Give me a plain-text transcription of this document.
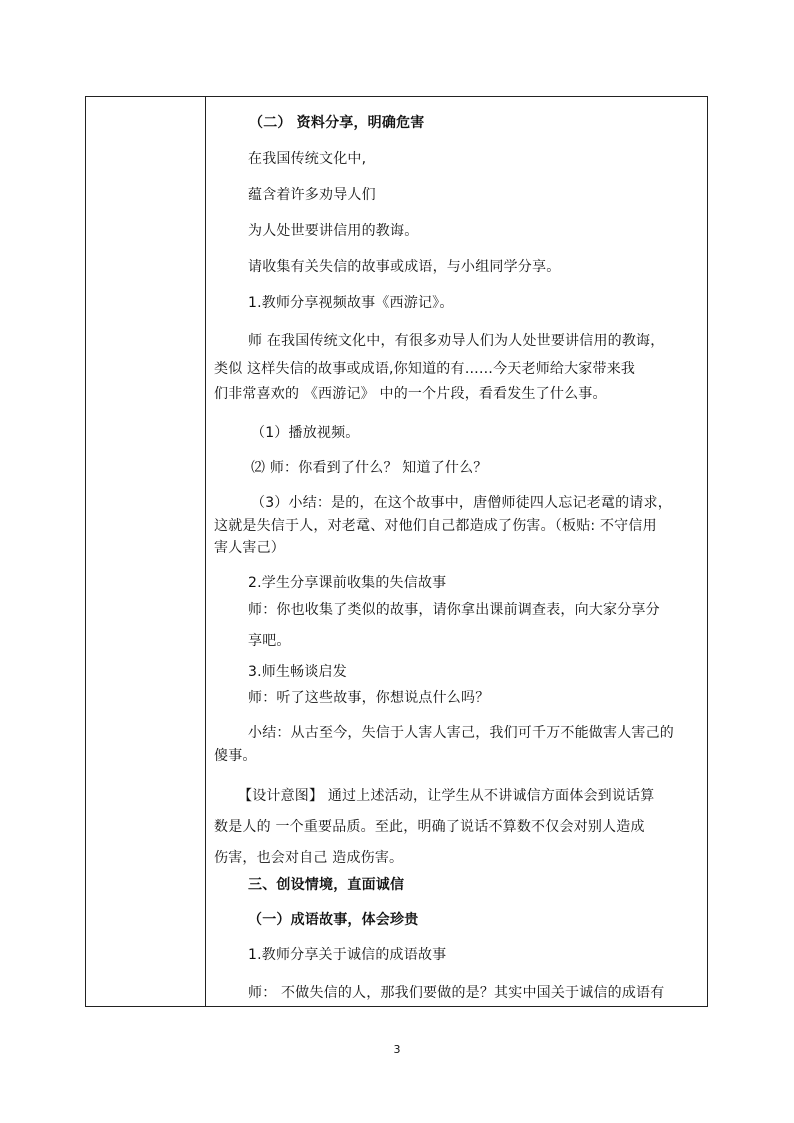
（二） 资料分享，明确危害
在我国传统文化中,
蕴含着许多劝导人们
为人处世要讲信用的教诲。
请收集有关失信的故事或成语，与小组同学分享。
1.教师分享视频故事《西游记》。
师 在我国传统文化中，有很多劝导人们为人处世要讲信用的教诲，
类似 这样失信的故事或成语,你知道的有……今天老师给大家带来我
们非常喜欢的 《西游记》 中的一个片段，看看发生了什么事。
（1）播放视频。
⑵ 师：你看到了什么？ 知道了什么？
（3）小结：是的，在这个故事中，唐僧师徒四人忘记老鼋的请求，
这就是失信于人，对老鼋、对他们自己都造成了伤害。（板贴: 不守信用
害人害己）
2.学生分享课前收集的失信故事
师：你也收集了类似的故事，请你拿出课前调查表，向大家分享分
享吧。
3.师生畅谈启发
师：听了这些故事，你想说点什么吗？
小结：从古至今，失信于人害人害己，我们可千万不能做害人害己的
傻事。
【设计意图】 通过上述活动，让学生从不讲诚信方面体会到说话算
数是人的 一个重要品质。至此，明确了说话不算数不仅会对别人造成
伤害，也会对自己 造成伤害。
三、创设情境，直面诚信
（一）成语故事，体会珍贵
1.教师分享关于诚信的成语故事
师： 不做失信的人，那我们要做的是？其实中国关于诚信的成语有
3
